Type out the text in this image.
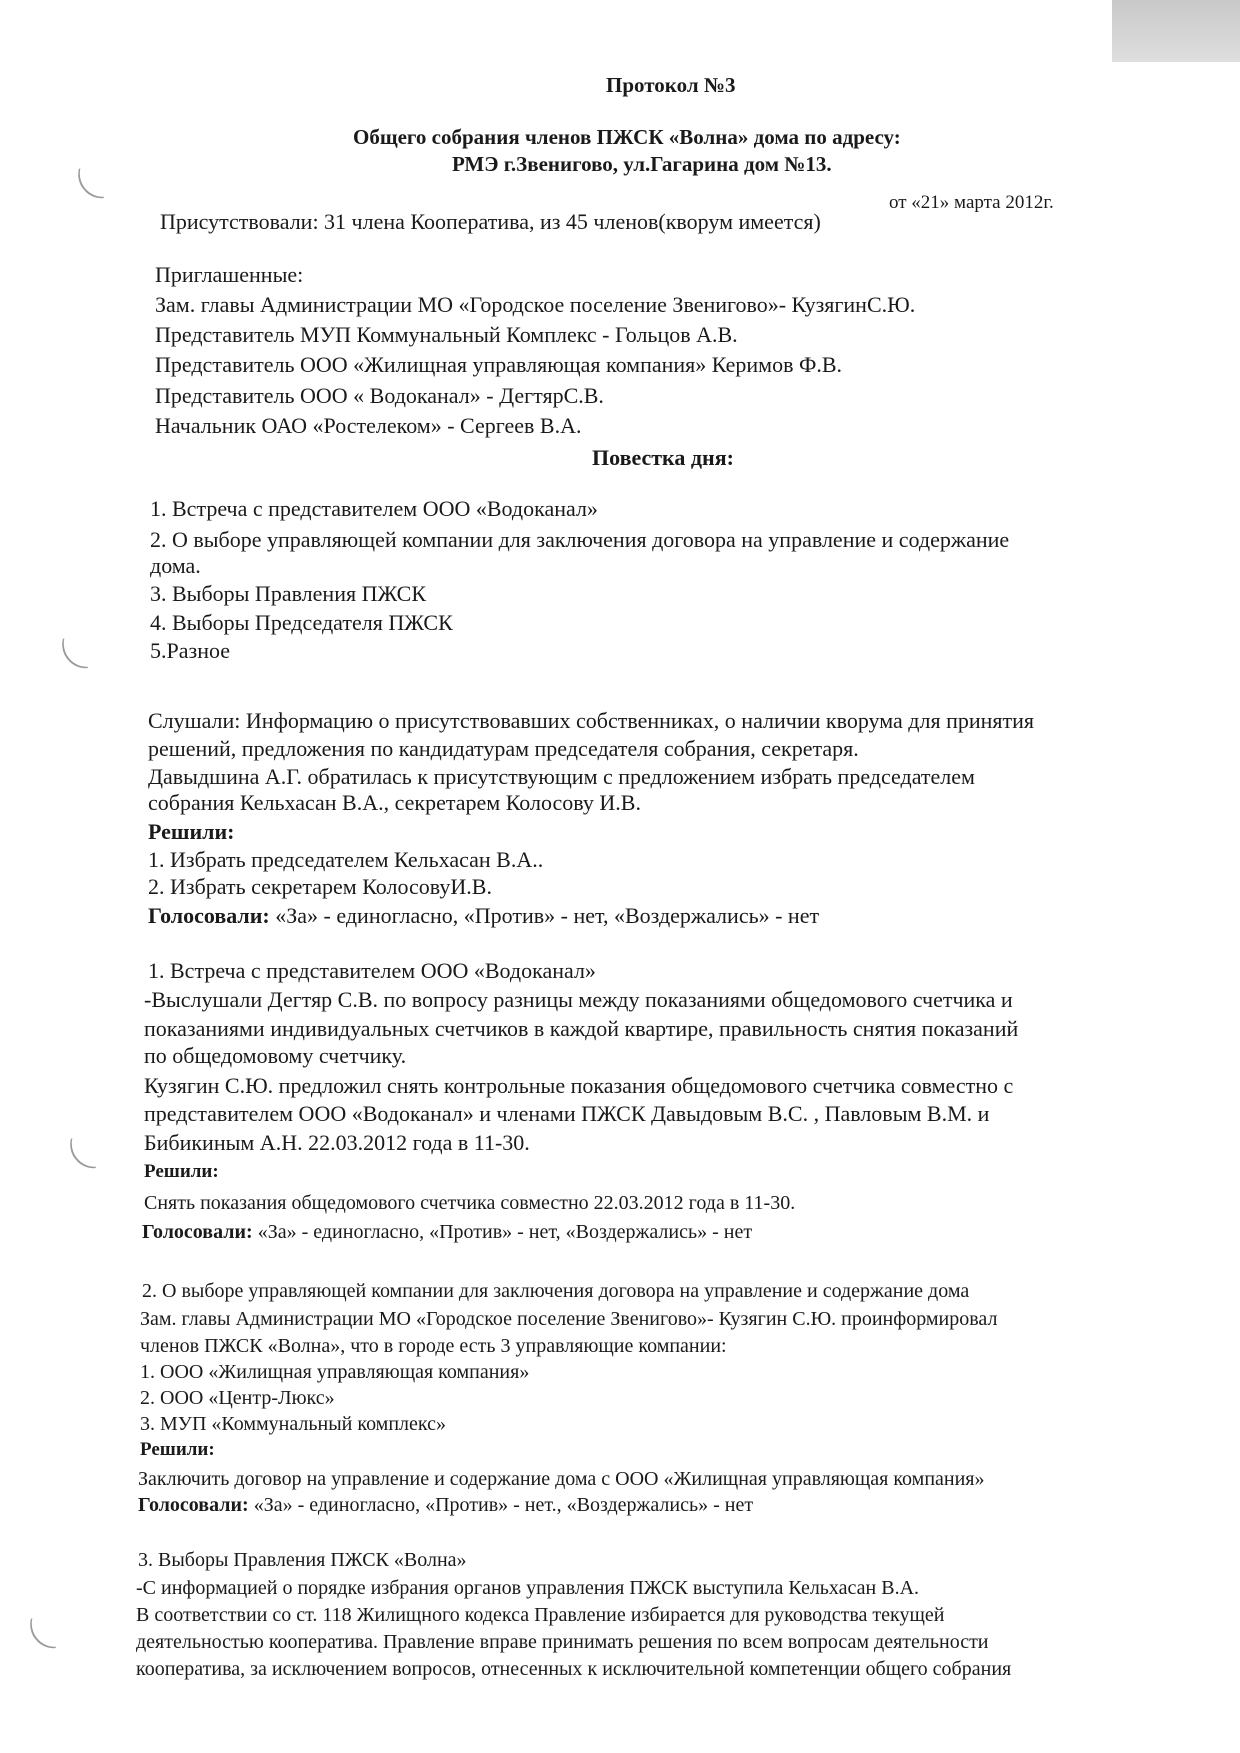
Протокол №3
Общего собрания членов ПЖСК «Волна» дома по адресу:
РМЭ г.Звенигово, ул.Гагарина дом №13.
от «21» марта 2012г.
Присутствовали: 31 члена Кооператива, из 45 членов(кворум имеется)
Приглашенные:
Зам. главы Администрации МО «Городское поселение Звенигово»- КузягинС.Ю.
Представитель МУП Коммунальный Комплекс - Гольцов А.В.
Представитель ООО «Жилищная управляющая компания» Керимов Ф.В.
Представитель ООО « Водоканал» - ДегтярС.В.
Начальник ОАО «Ростелеком» - Сергеев В.А.
Повестка дня:
1. Встреча с представителем ООО «Водоканал»
2. О выборе управляющей компании для заключения договора на управление и содержание
дома.
3. Выборы Правления ПЖСК
4. Выборы Председателя ПЖСК
5.Разное
Слушали: Информацию о присутствовавших собственниках, о наличии кворума для принятия
решений, предложения по кандидатурам председателя собрания, секретаря.
Давыдшина А.Г. обратилась к присутствующим с предложением избрать председателем
собрания Кельхасан В.А., секретарем Колосову И.В.
Решили:
1. Избрать председателем Кельхасан В.А..
2. Избрать секретарем КолосовуИ.В.
Голосовали: «За» - единогласно, «Против» - нет, «Воздержались» - нет
1. Встреча с представителем ООО «Водоканал»
-Выслушали Дегтяр С.В. по вопросу разницы между показаниями общедомового счетчика и
показаниями индивидуальных счетчиков в каждой квартире, правильность снятия показаний
по общедомовому счетчику.
Кузягин С.Ю. предложил снять контрольные показания общедомового счетчика совместно с
представителем ООО «Водоканал» и членами ПЖСК Давыдовым В.С. , Павловым В.М. и
Бибикиным А.Н. 22.03.2012 года в 11-30.
Решили:
Снять показания общедомового счетчика совместно 22.03.2012 года в 11-30.
Голосовали: «За» - единогласно, «Против» - нет, «Воздержались» - нет
2. О выборе управляющей компании для заключения договора на управление и содержание дома
Зам. главы Администрации МО «Городское поселение Звенигово»- Кузягин С.Ю. проинформировал
членов ПЖСК «Волна», что в городе есть 3 управляющие компании:
1. ООО «Жилищная управляющая компания»
2. ООО «Центр-Люкс»
3. МУП «Коммунальный комплекс»
Решили:
Заключить договор на управление и содержание дома с ООО «Жилищная управляющая компания»
Голосовали: «За» - единогласно, «Против» - нет., «Воздержались» - нет
3. Выборы Правления ПЖСК «Волна»
-С информацией о порядке избрания органов управления ПЖСК выступила Кельхасан В.А.
В соответствии со ст. 118 Жилищного кодекса Правление избирается для руководства текущей
деятельностью кооператива. Правление вправе принимать решения по всем вопросам деятельности
кооператива, за исключением вопросов, отнесенных к исключительной компетенции общего собрания
